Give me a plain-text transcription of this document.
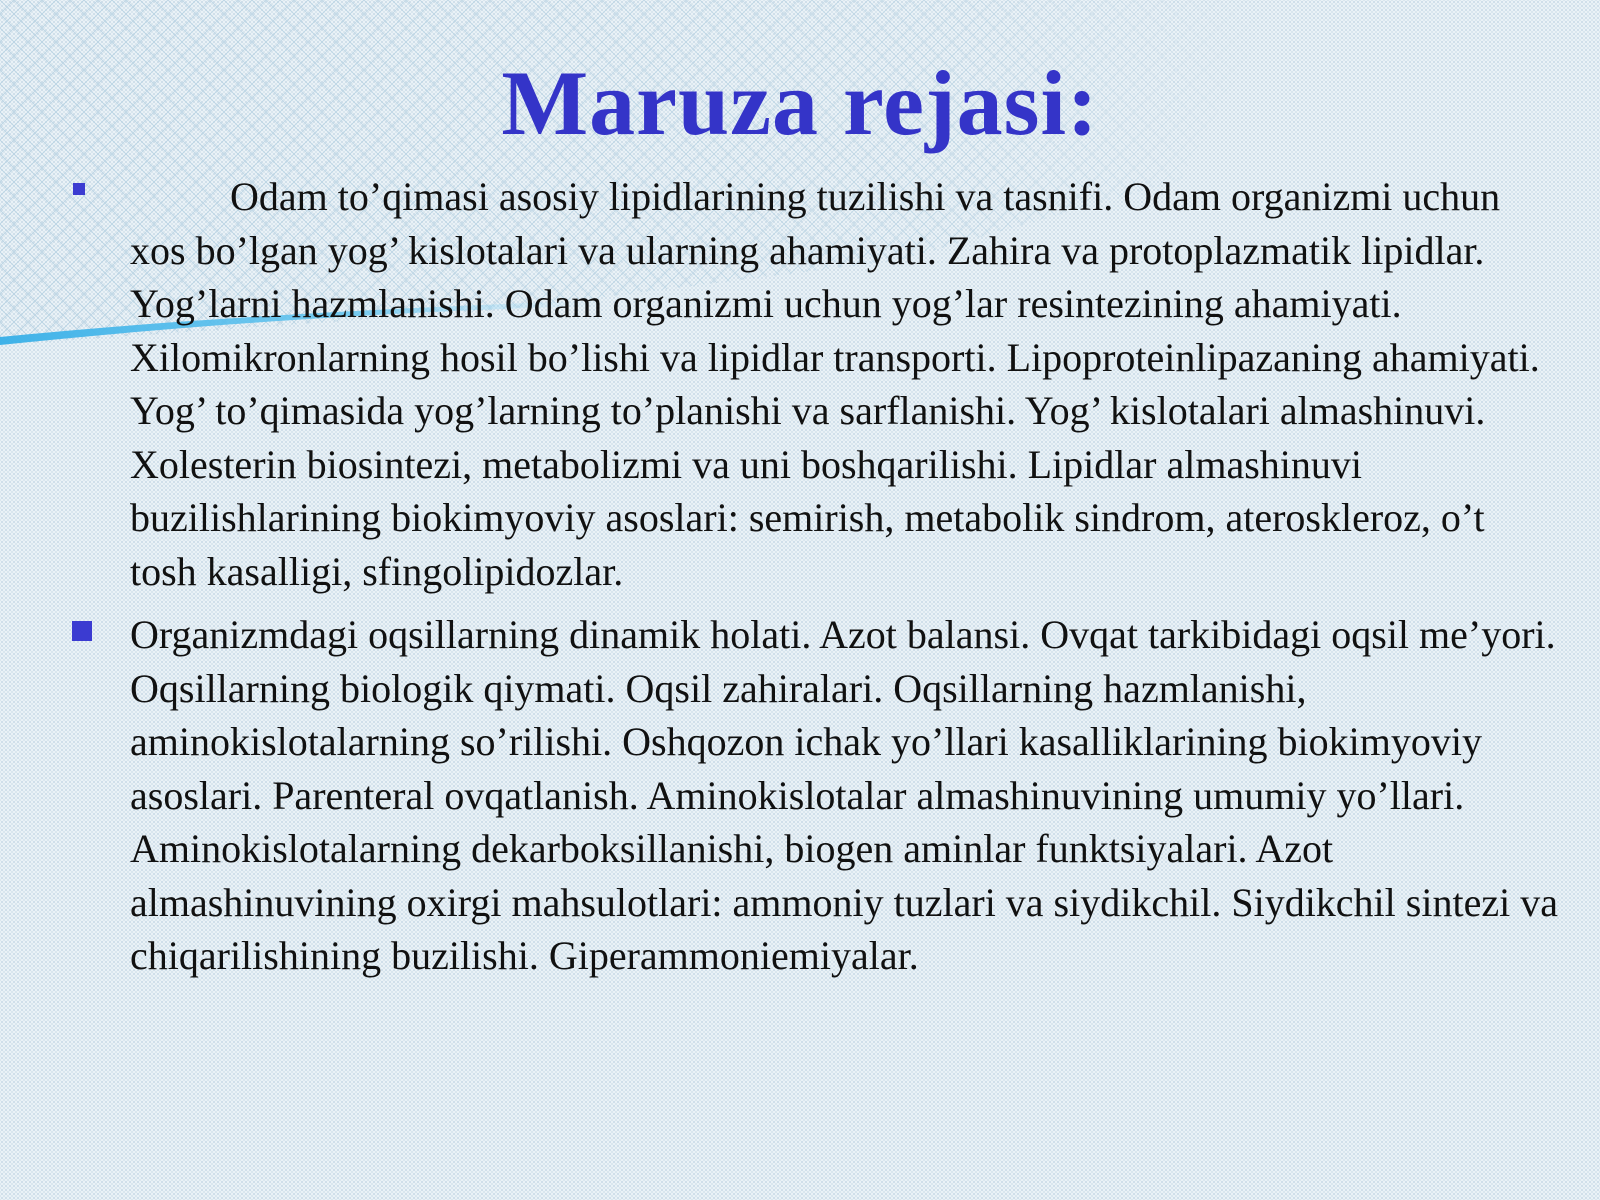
Maruza rejasi:
Odam to’qimasi asosiy lipidlarining tuzilishi va tasnifi. Odam organizmi uchun xos bo’lgan yog’ kislotalari va ularning ahamiyati. Zahira va protoplazmatik lipidlar. Yog’larni hazmlanishi. Odam organizmi uchun yog’lar resintezining ahamiyati. Xilomikronlarning hosil bo’lishi va lipidlar transporti. Lipoproteinlipazaning ahamiyati. Yog’ to’qimasida yog’larning to’planishi va sarflanishi. Yog’ kislotalari almashinuvi. Xolesterin biosintezi, metabolizmi va uni boshqarilishi. Lipidlar almashinuvi buzilishlarining biokimyoviy asoslari: semirish, metabolik sindrom, ateroskleroz, o’t tosh kasalligi, sfingolipidozlar.
Organizmdagi oqsillarning dinamik holati. Azot balansi. Ovqat tarkibidagi oqsil me’yori. Oqsillarning biologik qiymati. Oqsil zahiralari. Oqsillarning hazmlanishi, aminokislotalarning so’rilishi. Oshqozon ichak yo’llari kasalliklarining biokimyoviy asoslari. Parenteral ovqatlanish. Aminokislotalar almashinuvining umumiy yo’llari. Aminokislotalarning dekarboksillanishi, biogen aminlar funktsiyalari. Azot almashinuvining oxirgi mahsulotlari: ammoniy tuzlari va siydikchil. Siydikchil sintezi va chiqarilishining buzilishi. Giperammoniemiyalar.
